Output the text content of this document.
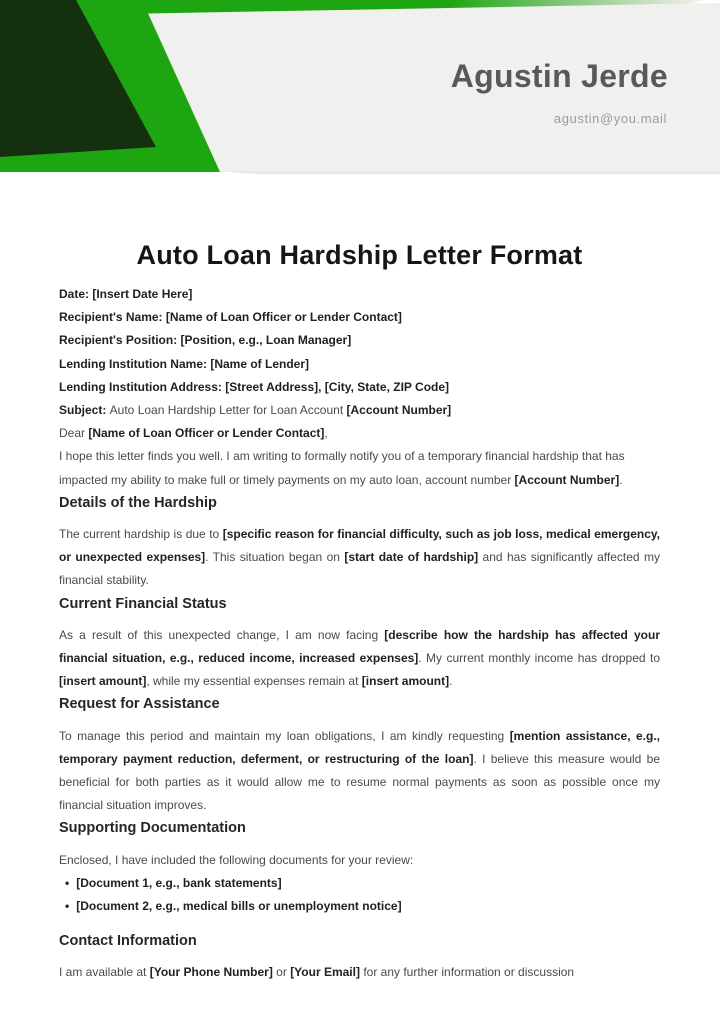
Agustin Jerde
agustin@you.mail
Auto Loan Hardship Letter Format

Date: [Insert Date Here]

Recipient's Name: [Name of Loan Officer or Lender Contact]

Recipient's Position: [Position, e.g., Loan Manager]

Lending Institution Name: [Name of Lender]

Lending Institution Address: [Street Address], [City, State, ZIP Code]

Subject: Auto Loan Hardship Letter for Loan Account [Account Number]

Dear [Name of Loan Officer or Lender Contact],

I hope this letter finds you well. I am writing to formally notify you of a temporary financial hardship that has impacted my ability to make full or timely payments on my auto loan, account number [Account Number].

Details of the Hardship

The current hardship is due to [specific reason for financial difficulty, such as job loss, medical emergency, or unexpected expenses]. This situation began on [start date of hardship] and has significantly affected my financial stability.

Current Financial Status

As a result of this unexpected change, I am now facing [describe how the hardship has affected your financial situation, e.g., reduced income, increased expenses]. My current monthly income has dropped to [insert amount], while my essential expenses remain at [insert amount].

Request for Assistance

To manage this period and maintain my loan obligations, I am kindly requesting [mention assistance, e.g., temporary payment reduction, deferment, or restructuring of the loan]. I believe this measure would be beneficial for both parties as it would allow me to resume normal payments as soon as possible once my financial situation improves.

Supporting Documentation

Enclosed, I have included the following documents for your review:

• [Document 1, e.g., bank statements]
• [Document 2, e.g., medical bills or unemployment notice]
Contact Information

I am available at [Your Phone Number] or [Your Email] for any further information or discussion
